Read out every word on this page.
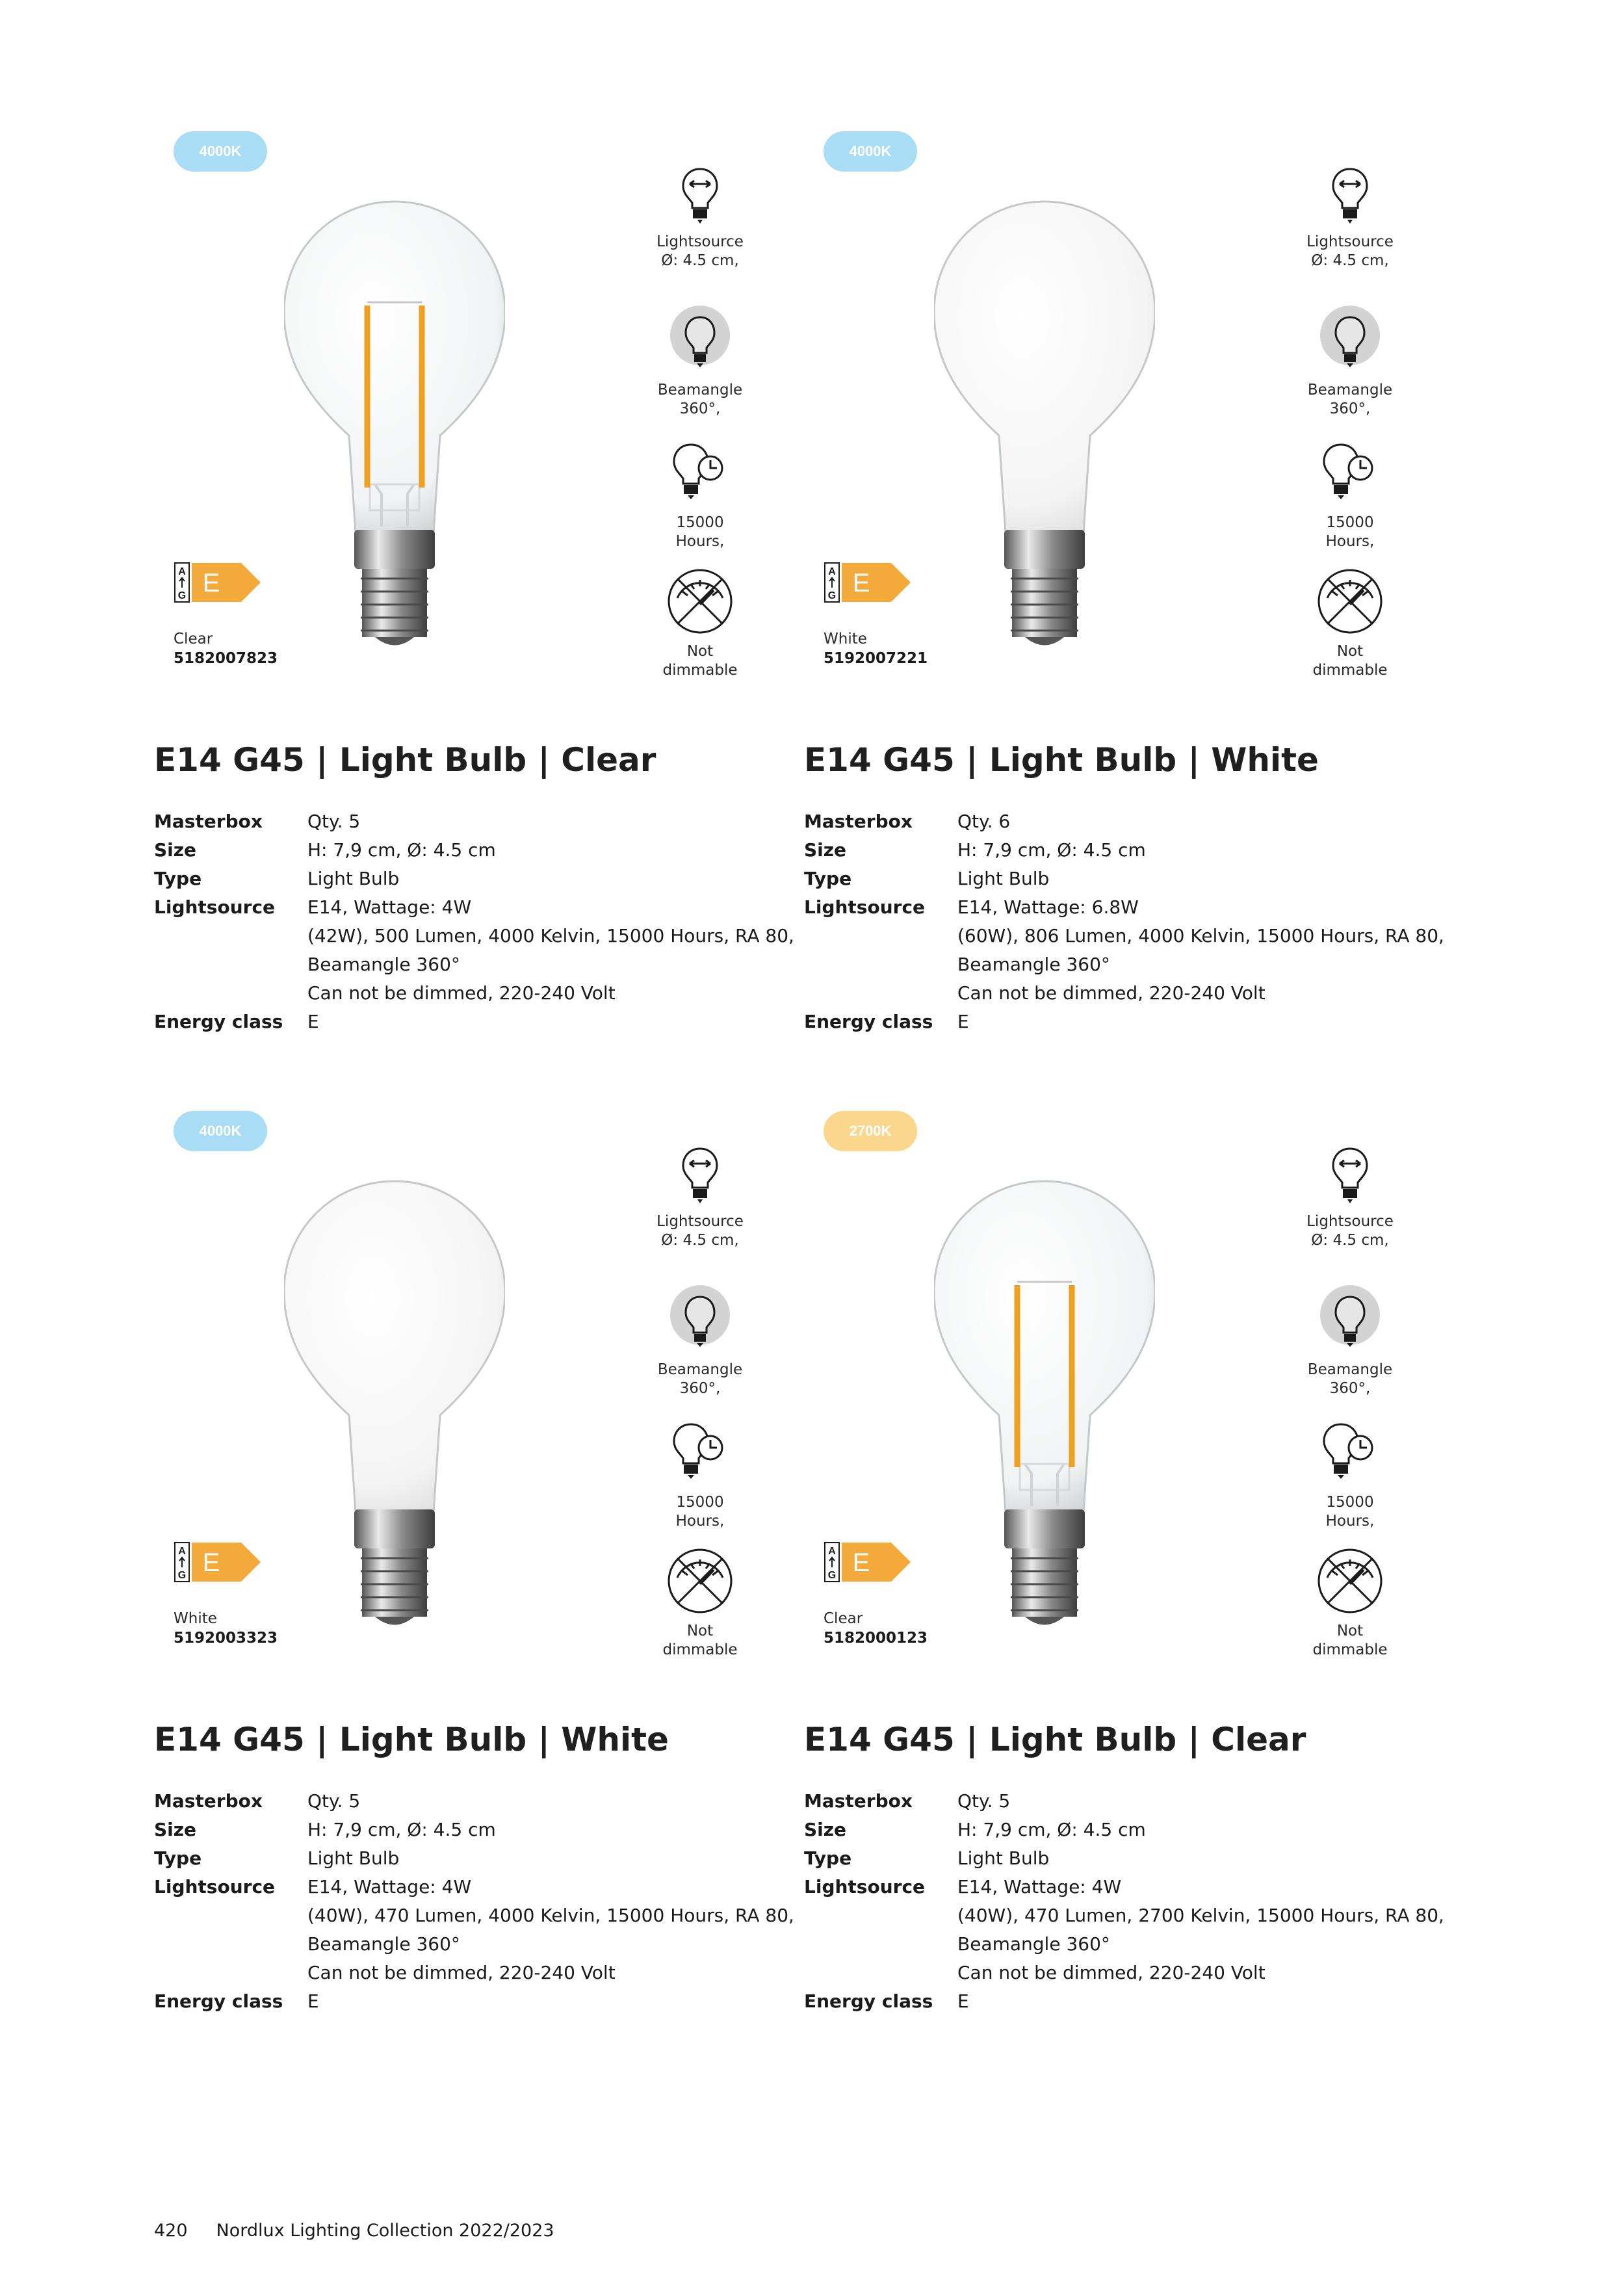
4000K
Lightsource
Ø: 4.5 cm,
Beamangle
360°,
15000
Hours,
Not dimmable
A
G E
Clear
5182007823
E14 G45 | Light Bulb | Clear
Masterbox	Qty. 5
Size	H: 7,9 cm, Ø: 4.5 cm
Type	Light Bulb
Lightsource	E14, Wattage: 4W
(42W), 500 Lumen, 4000 Kelvin, 15000 Hours, RA 80,
Beamangle 360°
Can not be dimmed, 220-240 Volt
Energy class	E
4000K
Lightsource
Ø: 4.5 cm,
Beamangle
360°,
15000
Hours,
Not dimmable
A
G E
White
5192007221
E14 G45 | Light Bulb | White
Masterbox	Qty. 6
Size	H: 7,9 cm, Ø: 4.5 cm
Type	Light Bulb
Lightsource	E14, Wattage: 6.8W
(60W), 806 Lumen, 4000 Kelvin, 15000 Hours, RA 80,
Beamangle 360°
Can not be dimmed, 220-240 Volt
Energy class	E
4000K
Lightsource
Ø: 4.5 cm,
Beamangle
360°,
15000
Hours,
Not dimmable
A
G E
White
5192003323
E14 G45 | Light Bulb | White
Masterbox	Qty. 5
Size	H: 7,9 cm, Ø: 4.5 cm
Type	Light Bulb
Lightsource	E14, Wattage: 4W
(40W), 470 Lumen, 4000 Kelvin, 15000 Hours, RA 80,
Beamangle 360°
Can not be dimmed, 220-240 Volt
Energy class	E
2700K
Lightsource
Ø: 4.5 cm,
Beamangle
360°,
15000
Hours,
Not dimmable
A
G E
Clear
5182000123
E14 G45 | Light Bulb | Clear
Masterbox	Qty. 5
Size	H: 7,9 cm, Ø: 4.5 cm
Type	Light Bulb
Lightsource	E14, Wattage: 4W
(40W), 470 Lumen, 2700 Kelvin, 15000 Hours, RA 80,
Beamangle 360°
Can not be dimmed, 220-240 Volt
Energy class	E
420 Nordlux Lighting Collection 2022/2023
